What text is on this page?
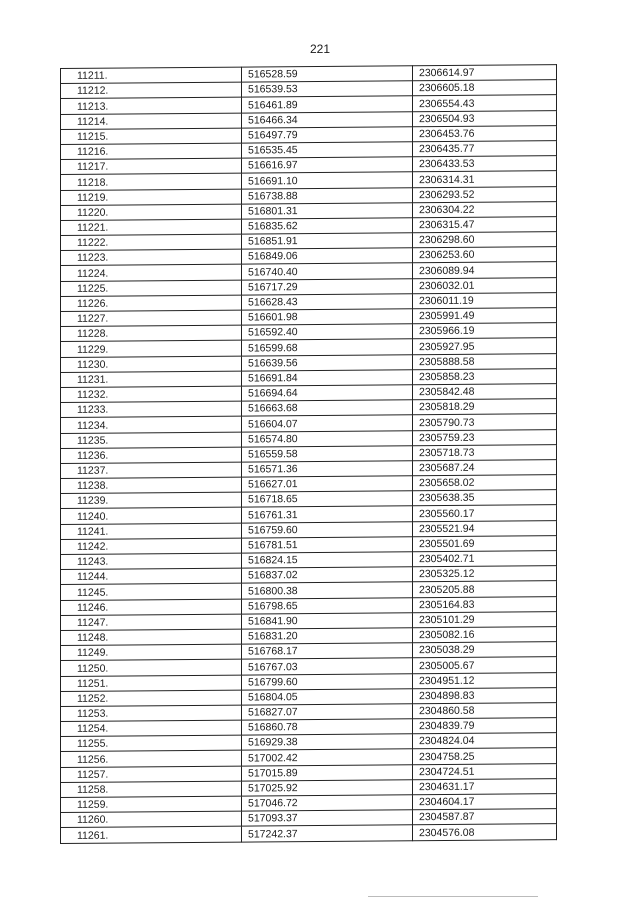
221
11211.	516528.59	2306614.97
11212.	516539.53	2306605.18
11213.	516461.89	2306554.43
11214.	516466.34	2306504.93
11215.	516497.79	2306453.76
11216.	516535.45	2306435.77
11217.	516616.97	2306433.53
11218.	516691.10	2306314.31
11219.	516738.88	2306293.52
11220.	516801.31	2306304.22
11221.	516835.62	2306315.47
11222.	516851.91	2306298.60
11223.	516849.06	2306253.60
11224.	516740.40	2306089.94
11225.	516717.29	2306032.01
11226.	516628.43	2306011.19
11227.	516601.98	2305991.49
11228.	516592.40	2305966.19
11229.	516599.68	2305927.95
11230.	516639.56	2305888.58
11231.	516691.84	2305858.23
11232.	516694.64	2305842.48
11233.	516663.68	2305818.29
11234.	516604.07	2305790.73
11235.	516574.80	2305759.23
11236.	516559.58	2305718.73
11237.	516571.36	2305687.24
11238.	516627.01	2305658.02
11239.	516718.65	2305638.35
11240.	516761.31	2305560.17
11241.	516759.60	2305521.94
11242.	516781.51	2305501.69
11243.	516824.15	2305402.71
11244.	516837.02	2305325.12
11245.	516800.38	2305205.88
11246.	516798.65	2305164.83
11247.	516841.90	2305101.29
11248.	516831.20	2305082.16
11249.	516768.17	2305038.29
11250.	516767.03	2305005.67
11251.	516799.60	2304951.12
11252.	516804.05	2304898.83
11253.	516827.07	2304860.58
11254.	516860.78	2304839.79
11255.	516929.38	2304824.04
11256.	517002.42	2304758.25
11257.	517015.89	2304724.51
11258.	517025.92	2304631.17
11259.	517046.72	2304604.17
11260.	517093.37	2304587.87
11261.	517242.37	2304576.08
